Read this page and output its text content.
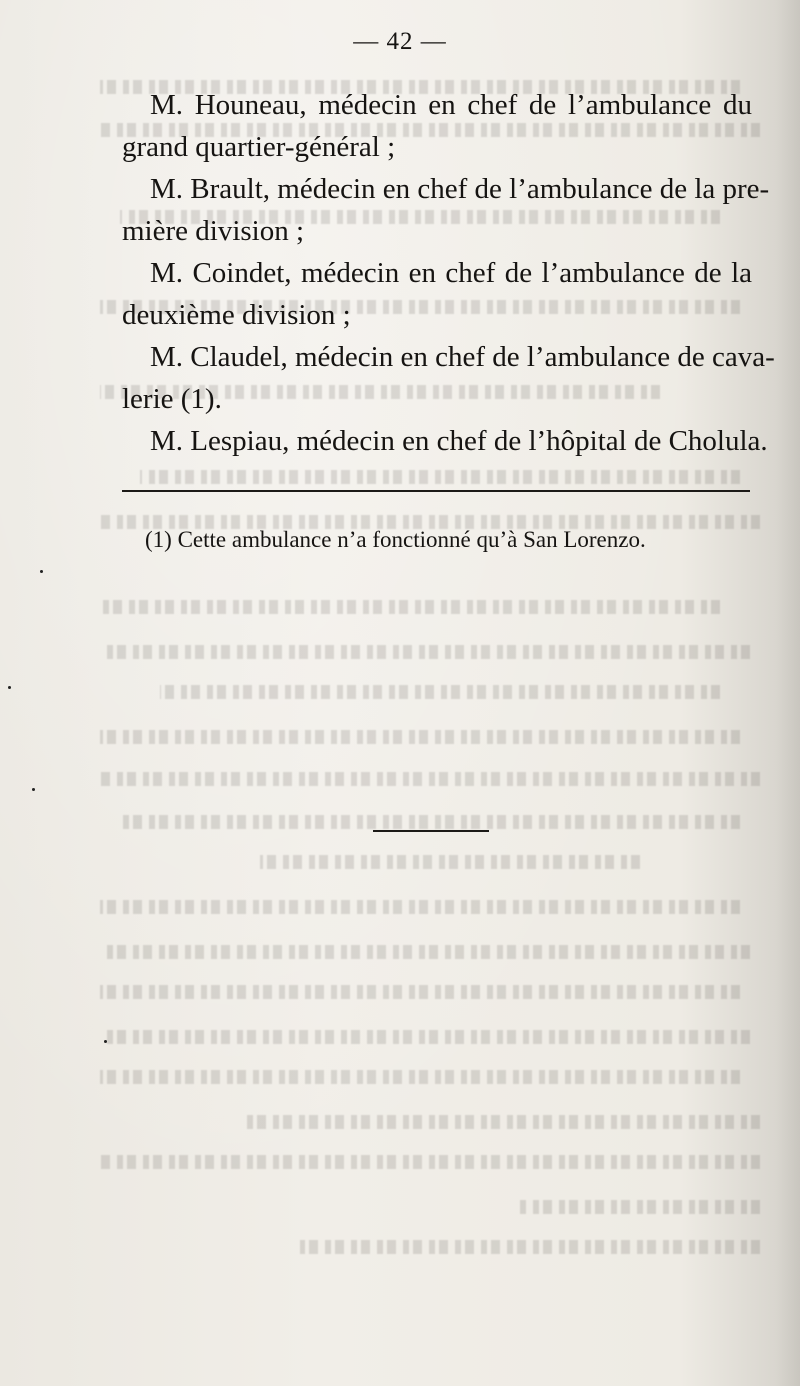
— 42 —

M. Houneau, médecin en chef de l’ambulance du
grand quartier-général ;

M. Brault, médecin en chef de l’ambulance de la pre-
mière division ;

M. Coindet, médecin en chef de l’ambulance de la
deuxième division ;

M. Claudel, médecin en chef de l’ambulance de cava-
lerie (1).

M. Lespiau, médecin en chef de l’hôpital de Cholula.

(1) Cette ambulance n’a fonctionné qu’à San Lorenzo.
